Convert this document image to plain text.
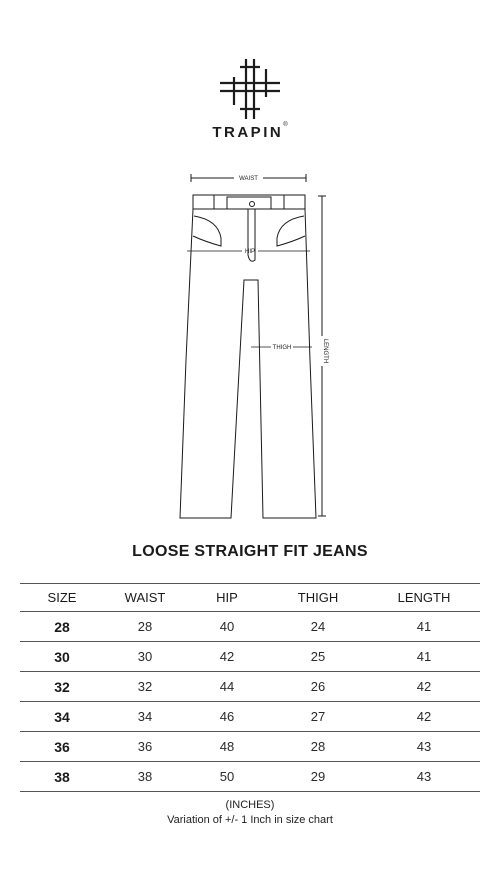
TRAPIN®
WAIST
HIP
THIGH	LENGTH
LOOSE STRAIGHT FIT JEANS
SIZE	WAIST	HIP	THIGH	LENGTH
28	28	40	24	41
30	30	42	25	41
32	32	44	26	42
34	34	46	27	42
36	36	48	28	43
38	38	50	29	43
(INCHES)
Variation of +/- 1 Inch in size chart
